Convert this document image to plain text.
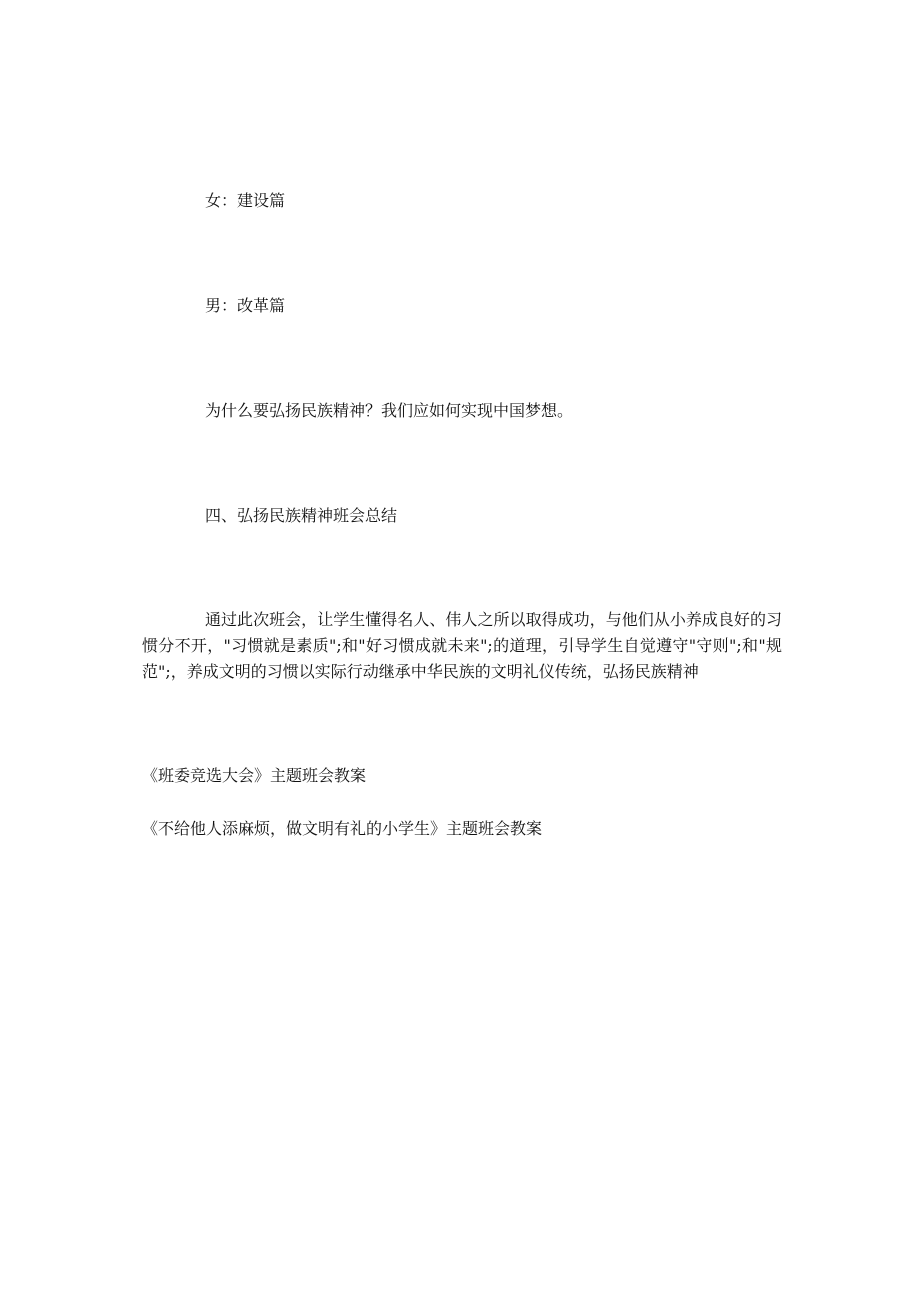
女：建设篇
男：改革篇
为什么要弘扬民族精神？我们应如何实现中国梦想。
四、弘扬民族精神班会总结
通过此次班会，让学生懂得名人、伟人之所以取得成功，与他们从小养成良好的习惯分不开，"习惯就是素质";和"好习惯成就未来";的道理，引导学生自觉遵守"守则";和"规范";，养成文明的习惯以实际行动继承中华民族的文明礼仪传统，弘扬民族精神
《班委竞选大会》主题班会教案
《不给他人添麻烦，做文明有礼的小学生》主题班会教案
